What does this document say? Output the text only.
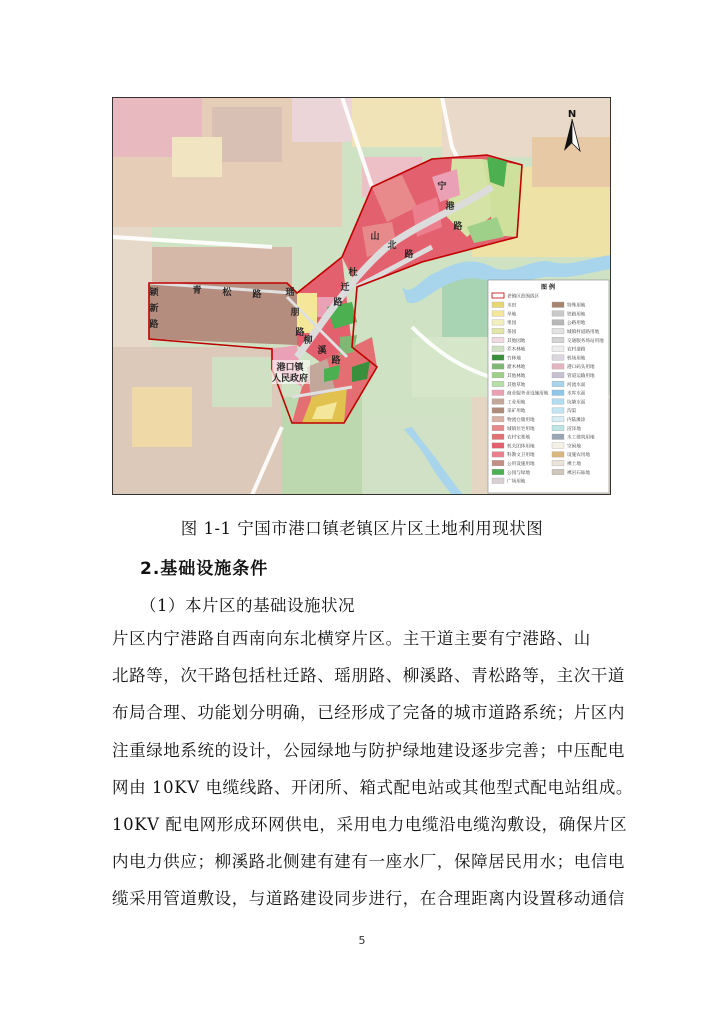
宁
港
路
山
北
路
杜
迁
路
瑶
朋
路
柳
溪
路
青 松 路
颖
新
路
港口镇
人民政府
N
图 例
老镇区范围线区
水田
旱地
果园
茶园
其他园地
乔木林地
竹林地
灌木林地
其他林地
其他草地
商业服务业设施用地
工业用地
采矿用地
物流仓储用地
城镇住宅用地
农村宅基地
机关团体用地
科教文卫用地
公用设施用地
公园与绿地
广场用地
特殊用地
铁路用地
公路用地
城镇村道路用地
交通服务场站用地
农村道路
机场用地
港口码头用地
管道运输用地
河流水面
水库水面
坑塘水面
沟渠
内陆滩涂
沼泽地
水工建筑用地
空闲地
设施农用地
裸土地
裸岩石砾地
图 1-1 宁国市港口镇老镇区片区土地利用现状图
2.基础设施条件
（1）本片区的基础设施状况

片区内宁港路自西南向东北横穿片区。主干道主要有宁港路、山
北路等，次干路包括杜迁路、瑶朋路、柳溪路、青松路等，主次干道
布局合理、功能划分明确，已经形成了完备的城市道路系统；片区内
注重绿地系统的设计，公园绿地与防护绿地建设逐步完善；中压配电
网由 10KV 电缆线路、开闭所、箱式配电站或其他型式配电站组成。
10KV 配电网形成环网供电，采用电力电缆沿电缆沟敷设，确保片区
内电力供应；柳溪路北侧建有建有一座水厂，保障居民用水；电信电
缆采用管道敷设，与道路建设同步进行，在合理距离内设置移动通信

5
